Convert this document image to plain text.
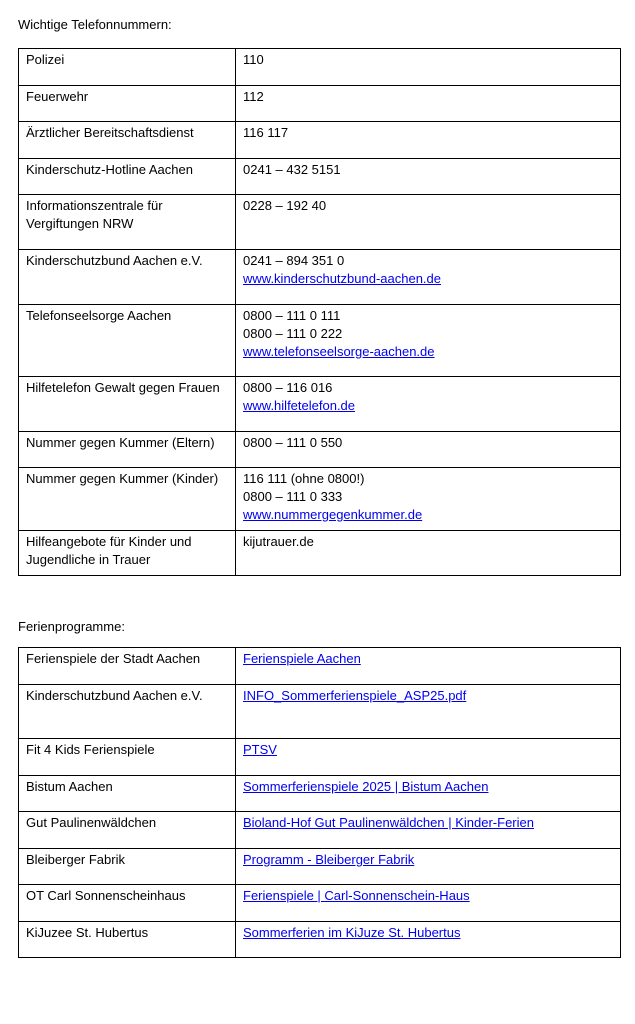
Wichtige Telefonnummern:

Polizei	110

Feuerwehr	112

Ärztlicher Bereitschaftsdienst	116 117

Kinderschutz-Hotline Aachen	0241 – 432 5151

Informationszentrale für Vergiftungen NRW	0228 – 192 40

Kinderschutzbund Aachen e.V.	0241 – 894 351 0
www.kinderschutzbund-aachen.de

Telefonseelsorge Aachen	0800 – 111 0 111
0800 – 111 0 222
www.telefonseelsorge-aachen.de

Hilfetelefon Gewalt gegen Frauen	0800 – 116 016
www.hilfetelefon.de

Nummer gegen Kummer (Eltern)	0800 – 111 0 550

Nummer gegen Kummer (Kinder)	116 111 (ohne 0800!)
0800 – 111 0 333
www.nummergegenkummer.de

Hilfeangebote für Kinder und Jugendliche in Trauer	kijutrauer.de

Ferienprogramme:

Ferienspiele der Stadt Aachen	Ferienspiele Aachen

Kinderschutzbund Aachen e.V.	INFO_Sommerferienspiele_ASP25.pdf

Fit 4 Kids Ferienspiele	PTSV

Bistum Aachen	Sommerferienspiele 2025 | Bistum Aachen

Gut Paulinenwäldchen	Bioland-Hof Gut Paulinenwäldchen | Kinder-Ferien

Bleiberger Fabrik	Programm - Bleiberger Fabrik

OT Carl Sonnenscheinhaus	Ferienspiele | Carl-Sonnenschein-Haus

KiJuzee St. Hubertus	Sommerferien im KiJuze St. Hubertus
